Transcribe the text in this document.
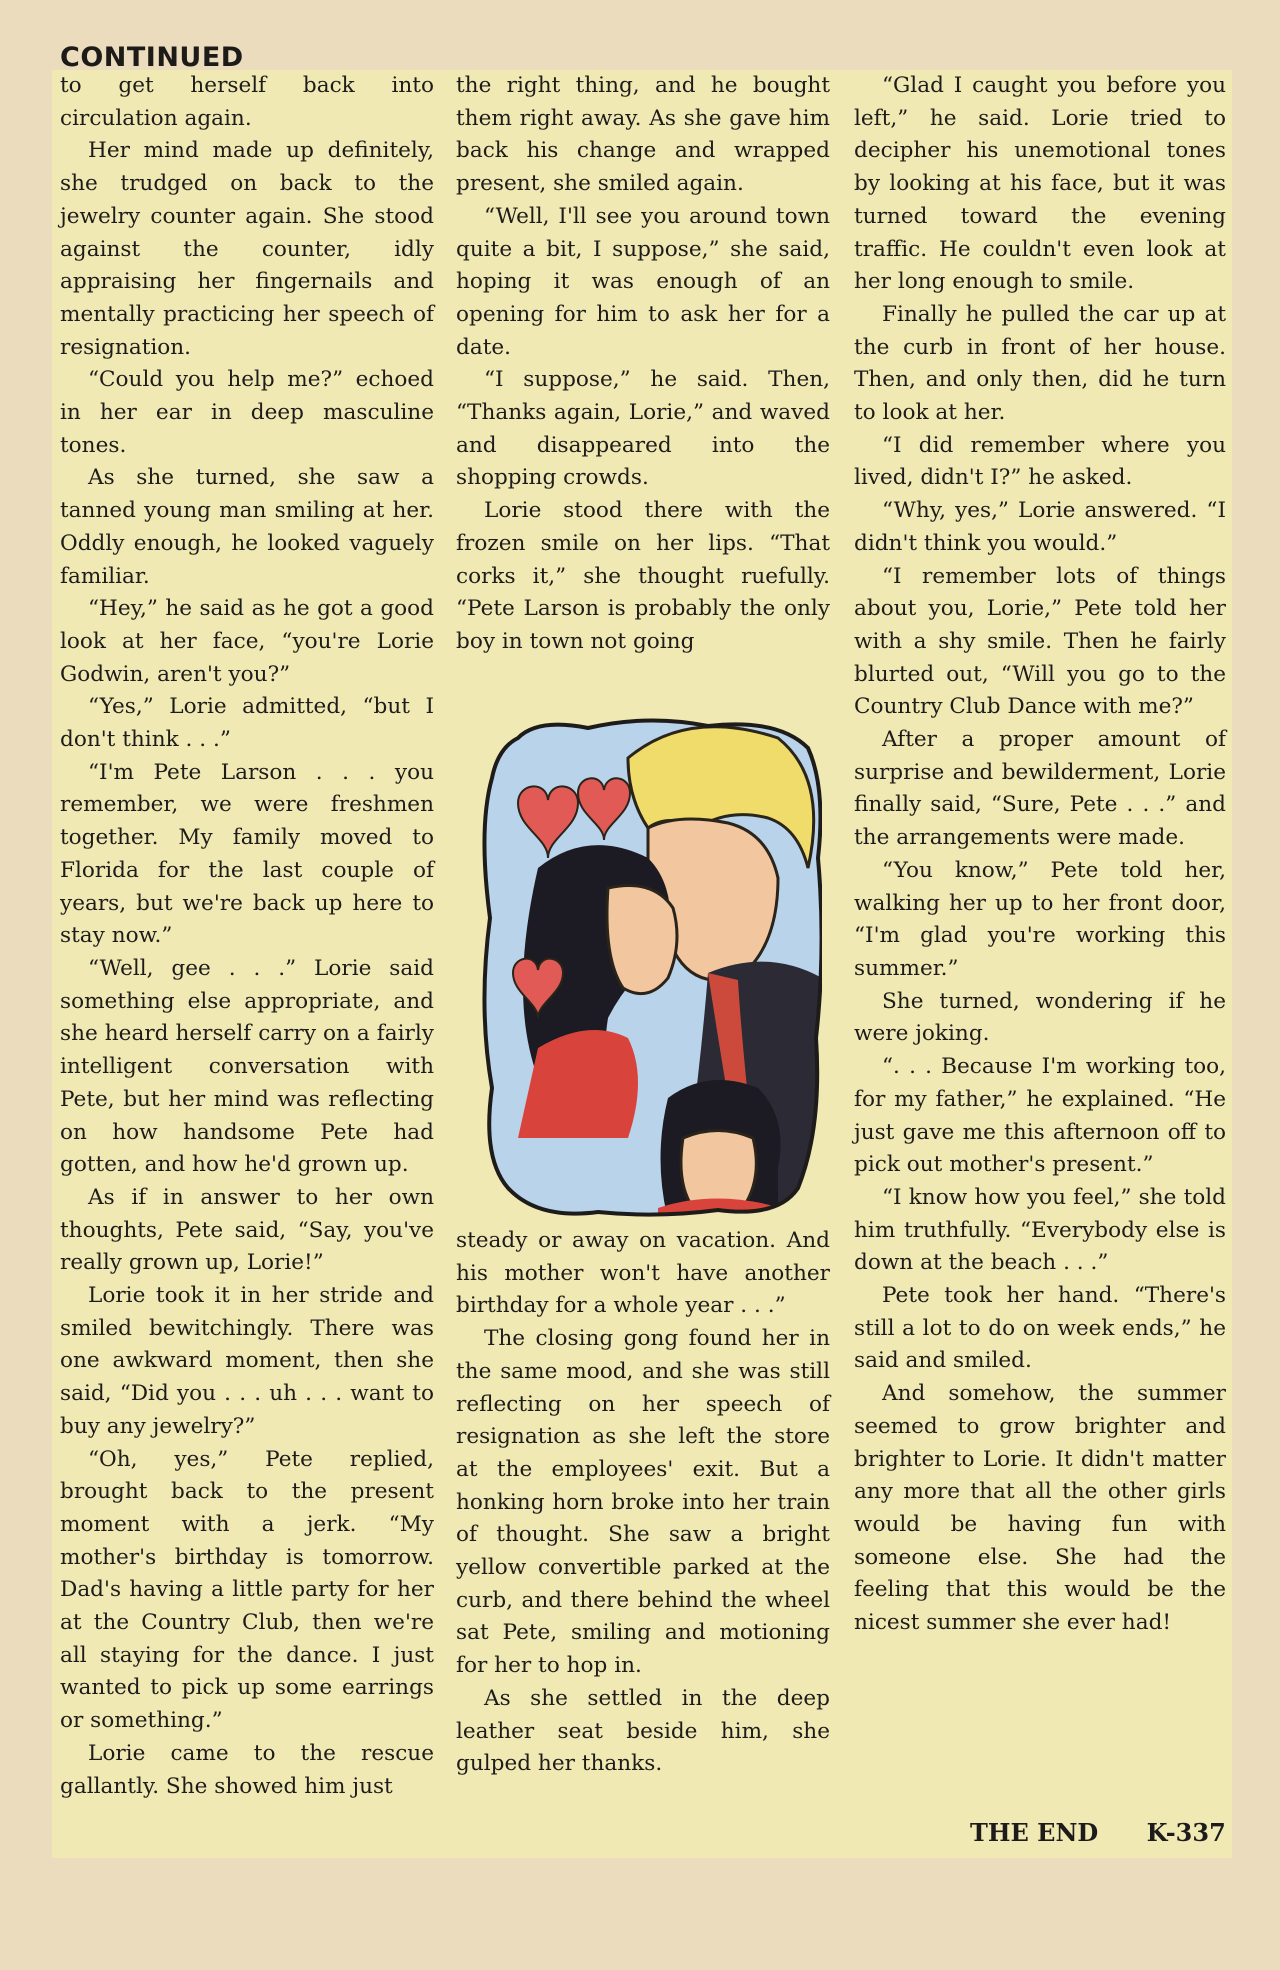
CONTINUED

to get herself back into circulation again.

Her mind made up definitely, she trudged on back to the jewelry counter again. She stood against the counter, idly appraising her fingernails and mentally practicing her speech of resignation.

“Could you help me?” echoed in her ear in deep masculine tones.

As she turned, she saw a tanned young man smiling at her. Oddly enough, he looked vaguely familiar.

“Hey,” he said as he got a good look at her face, “you're Lorie Godwin, aren't you?”

“Yes,” Lorie admitted, “but I don't think . . .”

“I'm Pete Larson . . . you remember, we were freshmen together. My family moved to Florida for the last couple of years, but we're back up here to stay now.”

“Well, gee . . .” Lorie said something else appropriate, and she heard herself carry on a fairly intelligent conversation with Pete, but her mind was reflecting on how handsome Pete had gotten, and how he'd grown up.

As if in answer to her own thoughts, Pete said, “Say, you've really grown up, Lorie!”

Lorie took it in her stride and smiled bewitchingly. There was one awkward moment, then she said, “Did you . . . uh . . . want to buy any jewelry?”

“Oh, yes,” Pete replied, brought back to the present moment with a jerk. “My mother's birthday is tomorrow. Dad's having a little party for her at the Country Club, then we're all staying for the dance. I just wanted to pick up some earrings or something.”

Lorie came to the rescue gallantly. She showed him just

the right thing, and he bought them right away. As she gave him back his change and wrapped present, she smiled again.

“Well, I'll see you around town quite a bit, I suppose,” she said, hoping it was enough of an opening for him to ask her for a date.

“I suppose,” he said. Then, “Thanks again, Lorie,” and waved and disappeared into the shopping crowds.

Lorie stood there with the frozen smile on her lips. “That corks it,” she thought ruefully. “Pete Larson is probably the only boy in town not going

steady or away on vacation. And his mother won't have another birthday for a whole year . . .”

The closing gong found her in the same mood, and she was still reflecting on her speech of resignation as she left the store at the employees' exit. But a honking horn broke into her train of thought. She saw a bright yellow convertible parked at the curb, and there behind the wheel sat Pete, smiling and motioning for her to hop in.

As she settled in the deep leather seat beside him, she gulped her thanks.

“Glad I caught you before you left,” he said. Lorie tried to decipher his unemotional tones by looking at his face, but it was turned toward the evening traffic. He couldn't even look at her long enough to smile.

Finally he pulled the car up at the curb in front of her house. Then, and only then, did he turn to look at her.

“I did remember where you lived, didn't I?” he asked.

“Why, yes,” Lorie answered. “I didn't think you would.”

“I remember lots of things about you, Lorie,” Pete told her with a shy smile. Then he fairly blurted out, “Will you go to the Country Club Dance with me?”

After a proper amount of surprise and bewilderment, Lorie finally said, “Sure, Pete . . .” and the arrangements were made.

“You know,” Pete told her, walking her up to her front door, “I'm glad you're working this summer.”

She turned, wondering if he were joking.

“. . . Because I'm working too, for my father,” he explained. “He just gave me this afternoon off to pick out mother's present.”

“I know how you feel,” she told him truthfully. “Everybody else is down at the beach . . .”

Pete took her hand. “There's still a lot to do on week ends,” he said and smiled.

And somehow, the summer seemed to grow brighter and brighter to Lorie. It didn't matter any more that all the other girls would be having fun with someone else. She had the feeling that this would be the nicest summer she ever had!

THE END K-337
